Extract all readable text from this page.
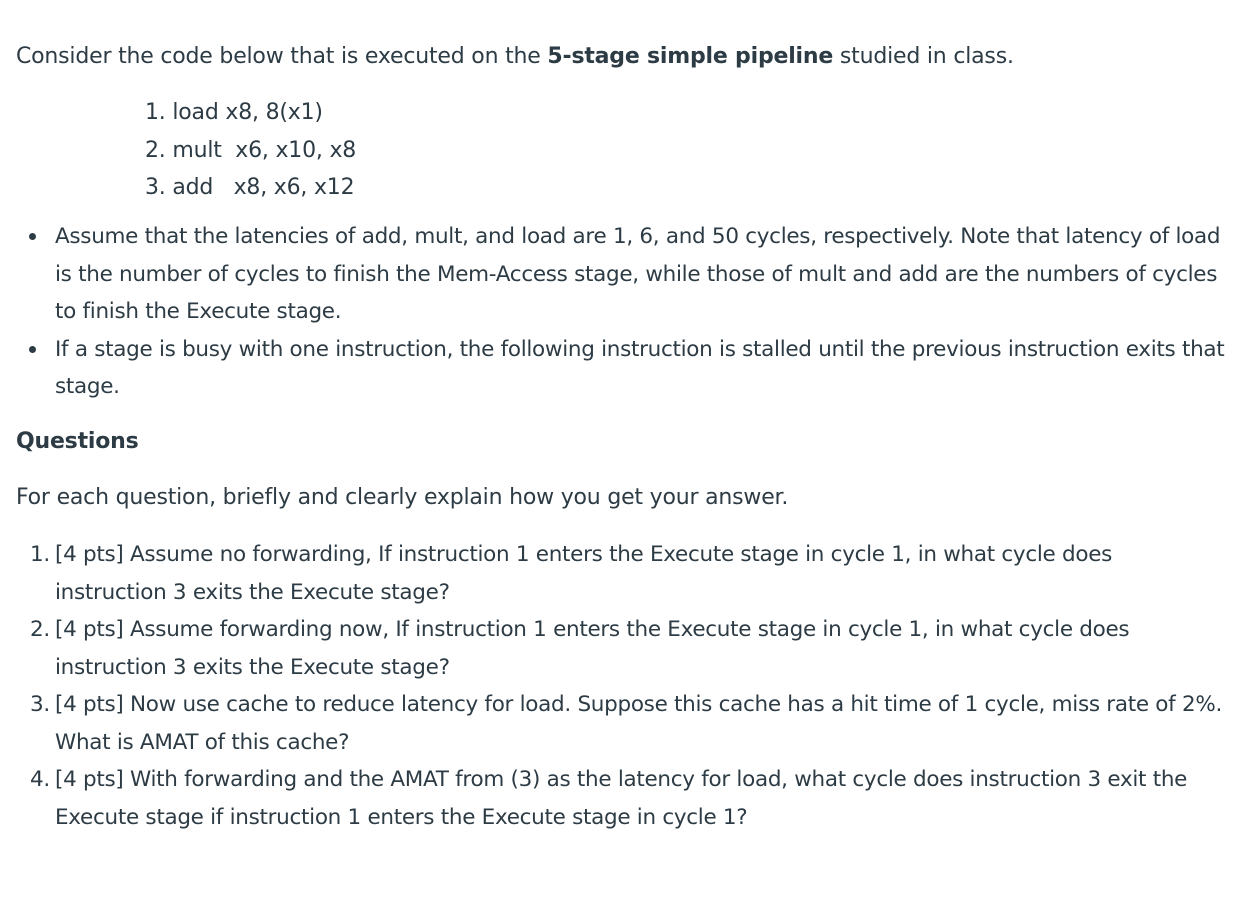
Consider the code below that is executed on the 5-stage simple pipeline studied in class.

1. load x8, 8(x1)
2. mult  x6, x10, x8
3. add   x8, x6, x12
Assume that the latencies of add, mult, and load are 1, 6, and 50 cycles, respectively. Note that latency of load is the number of cycles to finish the Mem-Access stage, while those of mult and add are the numbers of cycles to finish the Execute stage.
If a stage is busy with one instruction, the following instruction is stalled until the previous instruction exits that stage.
Questions

For each question, briefly and clearly explain how you get your answer.

1. [4 pts] Assume no forwarding, If instruction 1 enters the Execute stage in cycle 1, in what cycle does instruction 3 exits the Execute stage?
2. [4 pts] Assume forwarding now, If instruction 1 enters the Execute stage in cycle 1, in what cycle does instruction 3 exits the Execute stage?
3. [4 pts] Now use cache to reduce latency for load. Suppose this cache has a hit time of 1 cycle, miss rate of 2%. What is AMAT of this cache?
4. [4 pts] With forwarding and the AMAT from (3) as the latency for load, what cycle does instruction 3 exit the Execute stage if instruction 1 enters the Execute stage in cycle 1?
